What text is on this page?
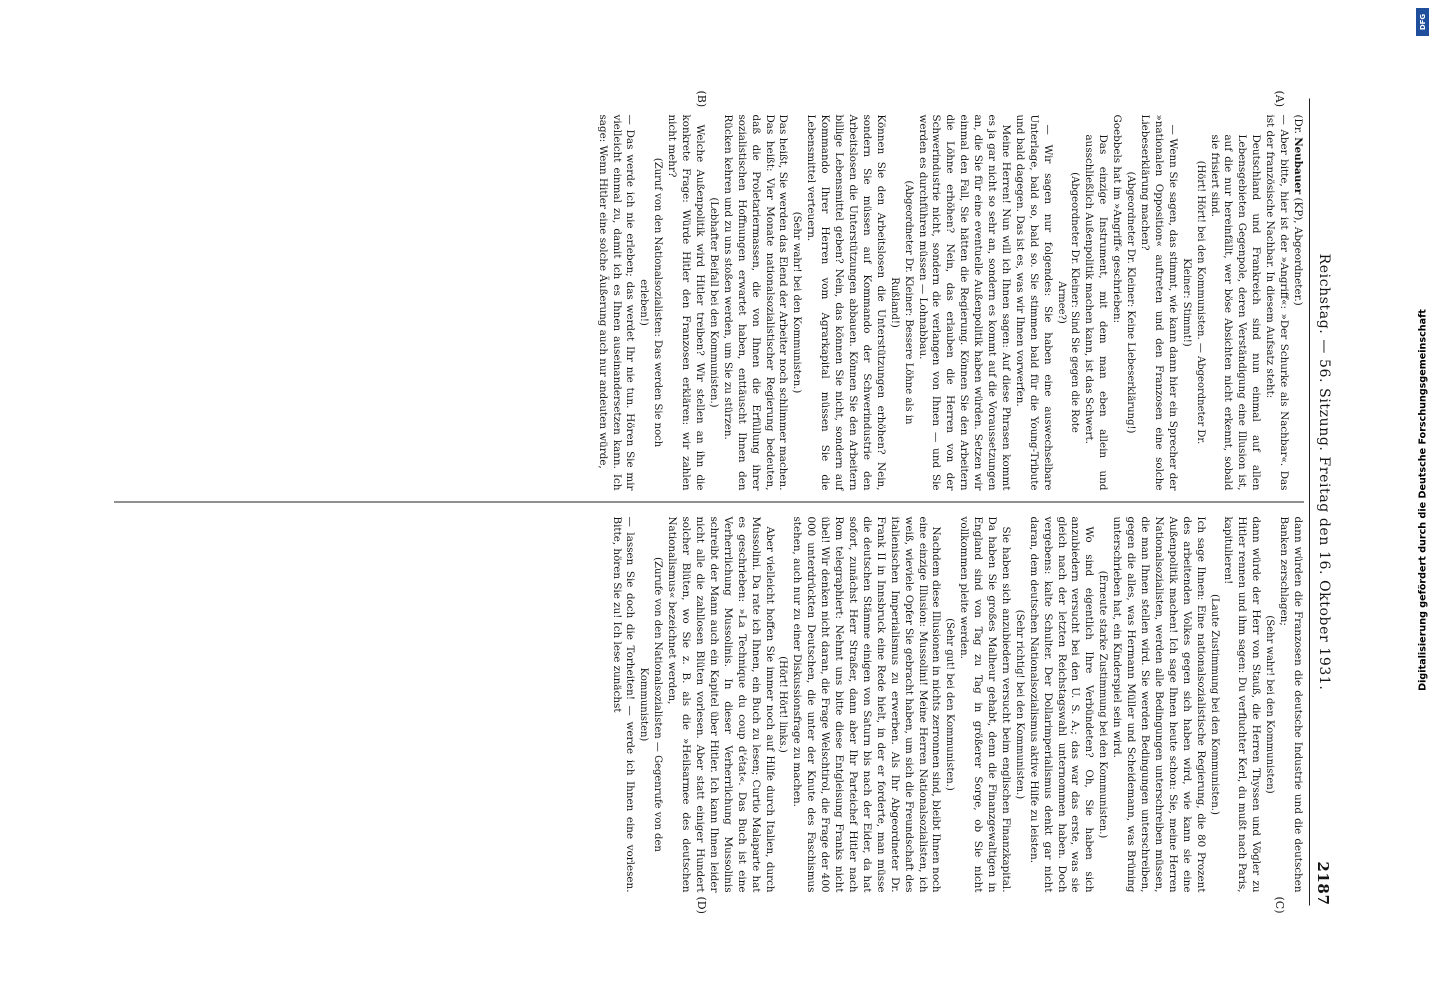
Digitalisierung gefördert durch die Deutsche Forschungsgemeinschaft
DFG
Reichstag. — 56. Sitzung. Freitag den 16. Oktober 1931.
2187
(A)
(B)
(C)
(D)

(Dr. Neubauer (KP), Abgeordneter.)

— Aber bitte, hier ist der »Angriff«: »Der Schurke als Nachbar«. Das ist der französische Nachbar. In diesem Aufsatz steht:

Deutschland und Frankreich sind nun einmal auf allen Lebensgebieten Gegenpole, deren Verständigung eine Illusion ist, auf die nur hereinfällt, wer böse Absichten nicht erkennt, sobald sie frisiert sind.

(Hört! Hört! bei den Kommunisten. — Abgeordneter Dr. Kleiner: Stimmt!)

— Wenn Sie sagen, das stimmt, wie kann dann hier ein Sprecher der »nationalen Opposition« auftreten und den Franzosen eine solche Liebeserklärung machen?

(Abgeordneter Dr. Kleiner: Keine Liebeserklärung!)

Goebbels hat im »Angriff« geschrieben:

Das einzige Instrument, mit dem man eben allein und ausschließlich Außenpolitik machen kann, ist das Schwert.

(Abgeordneter Dr. Kleiner: Sind Sie gegen die Rote Armee?)

— Wir sagen nur folgendes: Sie haben eine auswechselbare Unterlage, bald so, bald so. Sie stimmen bald für die Young-Tribute und bald dagegen. Das ist es, was wir Ihnen vorwerfen.

Meine Herren! Nun will ich Ihnen sagen: Auf diese Phrasen kommt es ja gar nicht so sehr an, sondern es kommt auf die Voraussetzungen an, die Sie für eine eventuelle Außenpolitik haben würden. Setzen wir einmal den Fall, Sie hätten die Regierung. Können Sie den Arbeitern die Löhne erhöhen? Nein, das erlauben die Herren von der Schwerindustrie nicht, sondern die verlangen von Ihnen — und Sie werden es durchführen müssen — Lohnabbau.

(Abgeordneter Dr. Kleiner: Bessere Löhne als in Rußland!)

Können Sie den Arbeitslosen die Unterstützungen erhöhen? Nein, sondern Sie müssen auf Kommando der Schwerindustrie den Arbeitslosen die Unterstützungen abbauen. Können Sie den Arbeitern billige Lebensmittel geben? Nein, das können Sie nicht, sondern auf Kommando Ihrer Herren vom Agrarkapital müssen Sie die Lebensmittel verteuern.

(Sehr wahr! bei den Kommunisten.)

Das heißt, Sie werden das Elend der Arbeiter noch schlimmer machen. Das heißt: Vier Monate nationalsozialistischer Regierung bedeuten, daß die Proletariermassen, die von Ihnen die Erfüllung ihrer sozialistischen Hoffnungen erwartet haben, enttäuscht Ihnen den Rücken kehren und zu uns stoßen werden, um Sie zu stürzen.

(Lebhafter Beifall bei den Kommunisten.)

Welche Außenpolitik wird Hitler treiben? Wir stellen an ihn die konkrete Frage: Würde Hitler den Franzosen erklären: wir zahlen nicht mehr?

(Zuruf von den Nationalsozialisten: Das werden Sie noch erleben!)

— Das werde ich nie erleben; das werdet Ihr nie tun. Hören Sie mir vielleicht einmal zu, damit ich es Ihnen auseinandersetzen kann. Ich sage: Wenn Hitler eine solche Äußerung auch nur andeuten würde,

dann würden die Franzosen die deutsche Industrie und die deutschen Banken zerschlagen;

(Sehr wahr! bei den Kommunisten)

dann würde der Herr von Stauß, die Herren Thyssen und Vögler zu Hitler rennen und ihm sagen: Du verfluchter Kerl, du mußt nach Paris, kapitulieren!

(Laute Zustimmung bei den Kommunisten.)

Ich sage Ihnen: Eine nationalsozialistische Regierung, die 80 Prozent des arbeitenden Volkes gegen sich haben wird, wie kann sie eine Außenpolitik machen! Ich sage Ihnen heute schon: Sie, meine Herren Nationalsozialisten, werden alle Bedingungen unterschreiben müssen, die man Ihnen stellen wird. Sie werden Bedingungen unterschreiben, gegen die alles, was Hermann Müller und Scheidemann, was Brüning unterschrieben hat, ein Kinderspiel sein wird.

(Erneute starke Zustimmung bei den Kommunisten.)

Wo sind eigentlich Ihre Verbündeten? Oh, Sie haben sich anzubiedern versucht bei den U. S. A.; das war das erste, was sie gleich nach der letzten Reichstagswahl unternommen haben. Doch vergebens: kalte Schulter. Der Dollarimperialismus denkt gar nicht daran, dem deutschen Nationalsozialismus aktive Hilfe zu leisten.

(Sehr richtig! bei den Kommunisten.)

Sie haben sich anzubiedern versucht beim englischen Finanzkapital. Da haben Sie großes Malheur gehabt, denn die Finanzgewaltigen in England sind von Tag zu Tag in größerer Sorge, ob Sie nicht vollkommen pleite werden.

(Sehr gut! bei den Kommunisten.)

Nachdem diese Illusionen in nichts zerronnen sind, bleibt Ihnen noch eine einzige Illusion: Mussolini! Meine Herren Nationalsozialisten, ich weiß, wieviele Opfer Sie gebracht haben, um sich die Freundschaft des italienischen Imperialismus zu erwerben. Als Ihr Abgeordneter Dr. Frank II in Innsbruck eine Rede hielt, in der er forderte, man müsse die deutschen Stämme einigen von Saturn bis nach der Eider, da hat sofort, zunächst Herr Straßer, dann aber Ihr Parteichef Hitler nach Rom telegraphiert: Nehmt uns bitte diese Entgleisung Franks nicht übel! Wir denken nicht daran, die Frage Welschtirol, die Frage der 400 000 unterdrückten Deutschen, die unter der Knute des Faschismus stehen, auch nur zu einer Diskussionsfrage zu machen.

(Hört! Hört! links.)

Aber vielleicht hoffen Sie immer noch auf Hilfe durch Italien, durch Mussolini. Da rate ich Ihnen, ein Buch zu lesen; Curtio Malaparte hat es geschrieben: »La Technique du coup d'état«. Das Buch ist eine Verherrlichung Mussolinis. In dieser Verherrlichung Mussolinis schreibt der Mann auch ein Kapitel über Hitler. Ich kann Ihnen leider nicht alle die zahllosen Blüten vorlesen. Aber statt einiger Hundert solcher Blüten, wo Sie z. B. als die »Heilsarmee des deutschen Nationalismus« bezeichnet werden,

(Zurufe von den Nationalsozialisten — Gegenrufe von den Kommunisten)

— lassen Sie doch die Torheiten! — werde ich Ihnen eine vorlesen. Bitte, hören Sie zu! Ich lese zunächst
